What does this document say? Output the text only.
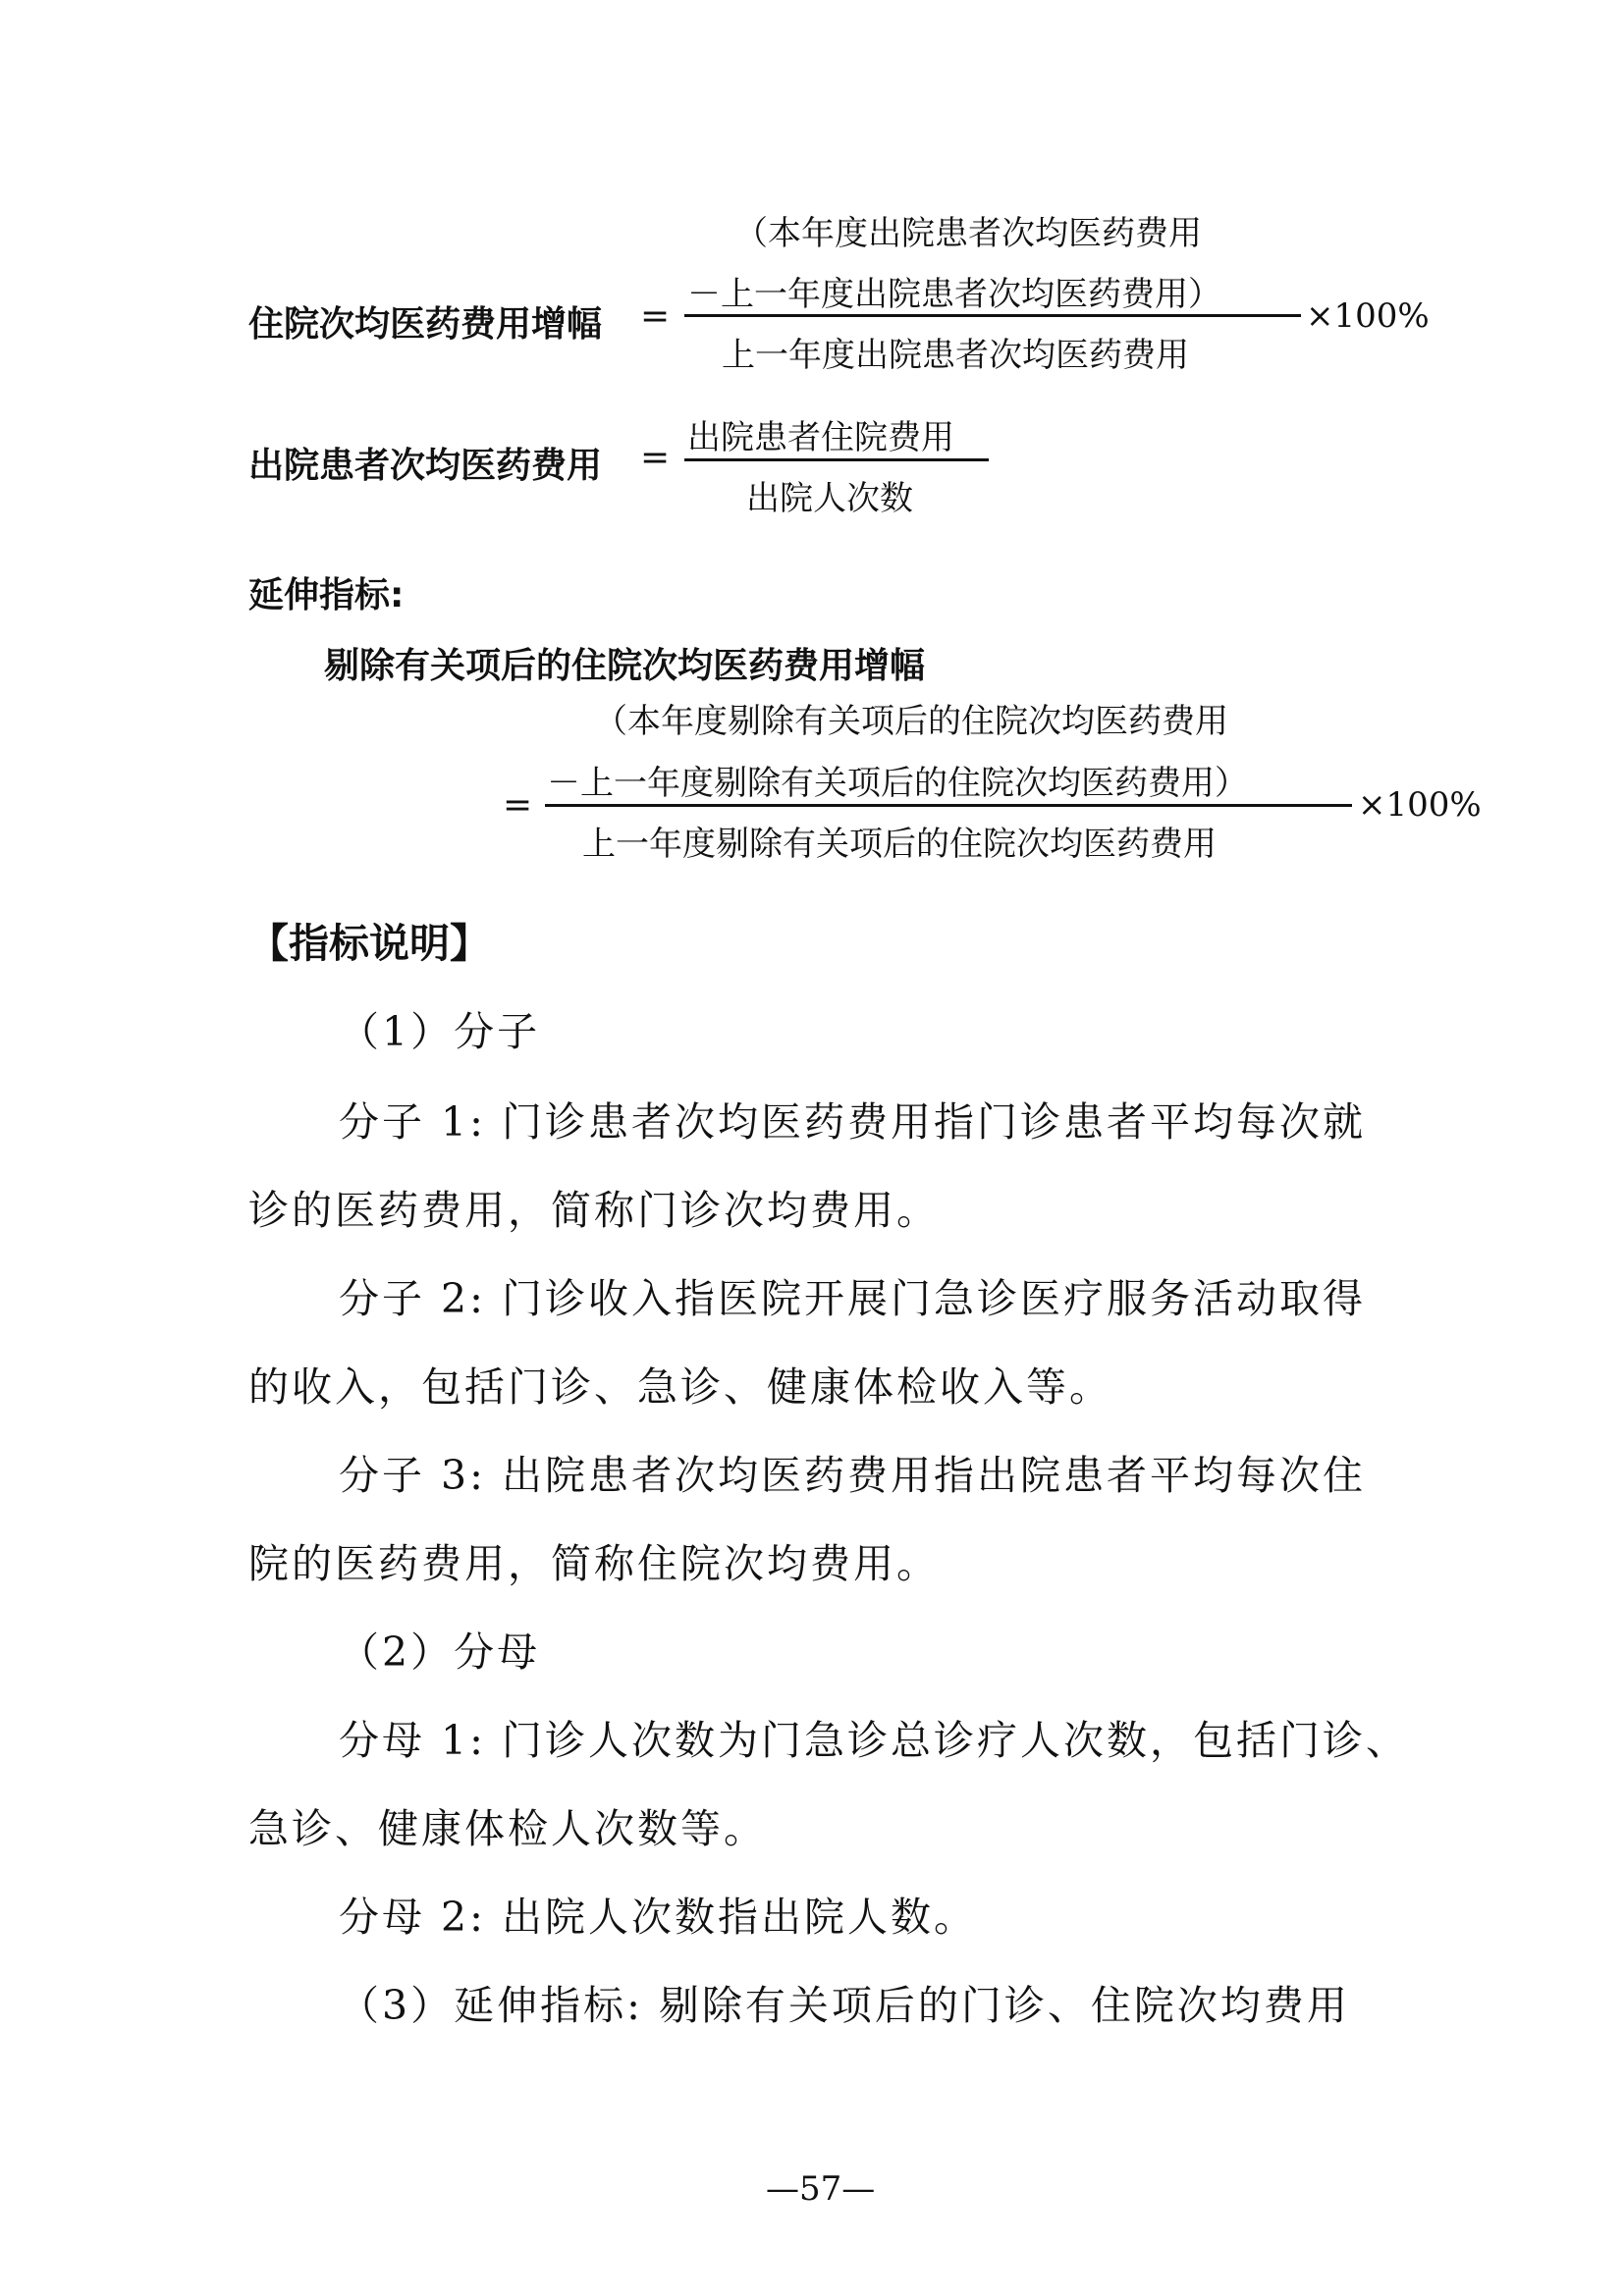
（本年度出院患者次均医药费用
－上一年度出院患者次均医药费用）
住院次均医药费用增幅 =	×100%
上一年度出院患者次均医药费用
出院患者住院费用
出院患者次均医药费用 =
出院人次数
延伸指标:
剔除有关项后的住院次均医药费用增幅
（本年度剔除有关项后的住院次均医药费用
－上一年度剔除有关项后的住院次均医药费用）
=	×100%
上一年度剔除有关项后的住院次均医药费用
【指标说明】
（1）分子
分子 1: 门诊患者次均医药费用指门诊患者平均每次就
诊的医药费用，简称门诊次均费用。
分子 2: 门诊收入指医院开展门急诊医疗服务活动取得
的收入，包括门诊、急诊、健康体检收入等。
分子 3: 出院患者次均医药费用指出院患者平均每次住
院的医药费用，简称住院次均费用。
（2）分母
分母 1: 门诊人次数为门急诊总诊疗人次数，包括门诊、
急诊、健康体检人次数等。
分母 2: 出院人次数指出院人数。
（3）延伸指标: 剔除有关项后的门诊、住院次均费用
—57—
